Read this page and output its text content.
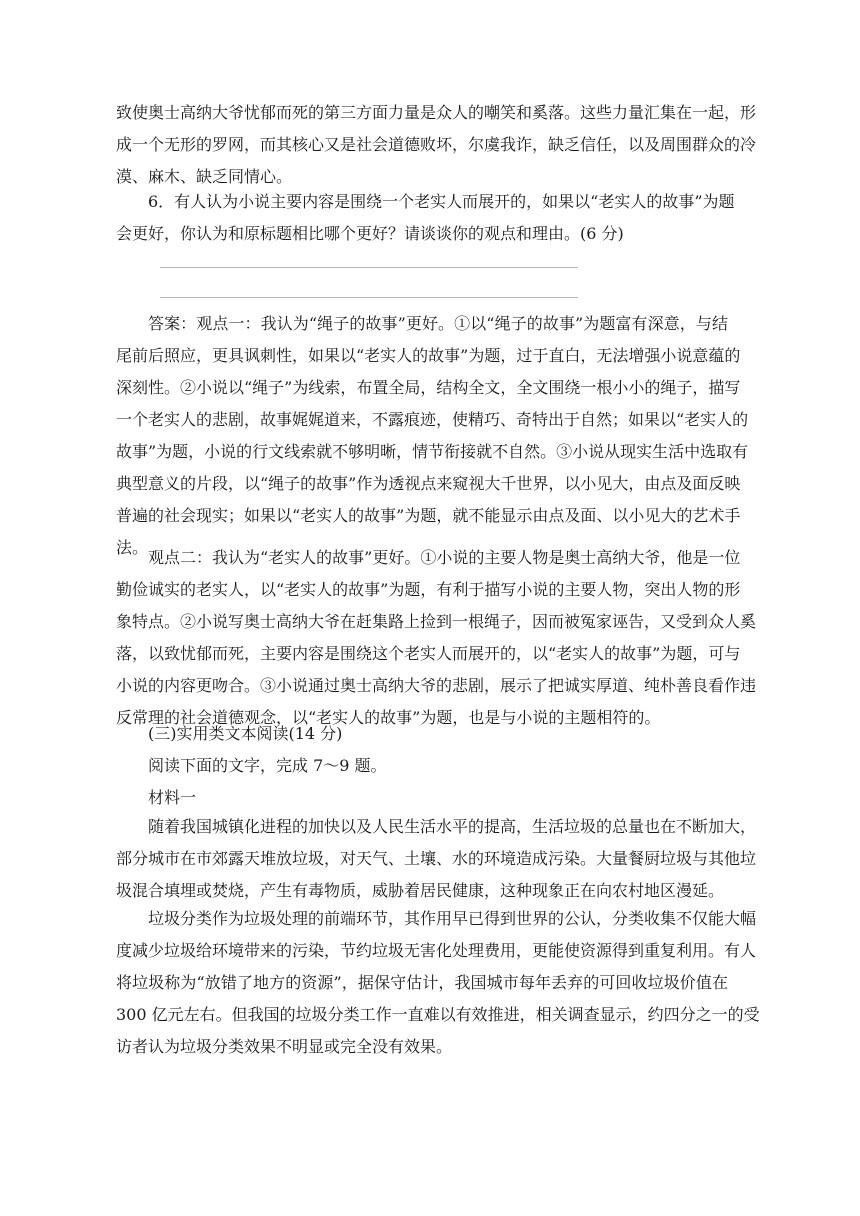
致使奥士高纳大爷忧郁而死的第三方面力量是众人的嘲笑和奚落。这些力量汇集在一起，形
成一个无形的罗网，而其核心又是社会道德败坏，尔虞我诈，缺乏信任，以及周围群众的冷
漠、麻木、缺乏同情心。
6．有人认为小说主要内容是围绕一个老实人而展开的，如果以“老实人的故事”为题
会更好，你认为和原标题相比哪个更好？请谈谈你的观点和理由。(6 分)
答案：观点一：我认为“绳子的故事”更好。①以“绳子的故事”为题富有深意，与结
尾前后照应，更具讽刺性，如果以“老实人的故事”为题，过于直白，无法增强小说意蕴的
深刻性。②小说以“绳子”为线索，布置全局，结构全文，全文围绕一根小小的绳子，描写
一个老实人的悲剧，故事娓娓道来，不露痕迹，使精巧、奇特出于自然；如果以“老实人的
故事”为题，小说的行文线索就不够明晰，情节衔接就不自然。③小说从现实生活中选取有
典型意义的片段，以“绳子的故事”作为透视点来窥视大千世界，以小见大，由点及面反映
普遍的社会现实；如果以“老实人的故事”为题，就不能显示由点及面、以小见大的艺术手
法。
观点二：我认为“老实人的故事”更好。①小说的主要人物是奥士高纳大爷，他是一位
勤俭诚实的老实人，以“老实人的故事”为题，有利于描写小说的主要人物，突出人物的形
象特点。②小说写奥士高纳大爷在赶集路上捡到一根绳子，因而被冤家诬告，又受到众人奚
落，以致忧郁而死，主要内容是围绕这个老实人而展开的，以“老实人的故事”为题，可与
小说的内容更吻合。③小说通过奥士高纳大爷的悲剧，展示了把诚实厚道、纯朴善良看作违
反常理的社会道德观念，以“老实人的故事”为题，也是与小说的主题相符的。
(三)实用类文本阅读(14 分)
阅读下面的文字，完成 7～9 题。
材料一
随着我国城镇化进程的加快以及人民生活水平的提高，生活垃圾的总量也在不断加大，
部分城市在市郊露天堆放垃圾，对天气、土壤、水的环境造成污染。大量餐厨垃圾与其他垃
圾混合填埋或焚烧，产生有毒物质，威胁着居民健康，这种现象正在向农村地区漫延。
垃圾分类作为垃圾处理的前端环节，其作用早已得到世界的公认，分类收集不仅能大幅
度减少垃圾给环境带来的污染，节约垃圾无害化处理费用，更能使资源得到重复利用。有人
将垃圾称为“放错了地方的资源”，据保守估计，我国城市每年丢弃的可回收垃圾价值在
300 亿元左右。但我国的垃圾分类工作一直难以有效推进，相关调查显示，约四分之一的受
访者认为垃圾分类效果不明显或完全没有效果。
